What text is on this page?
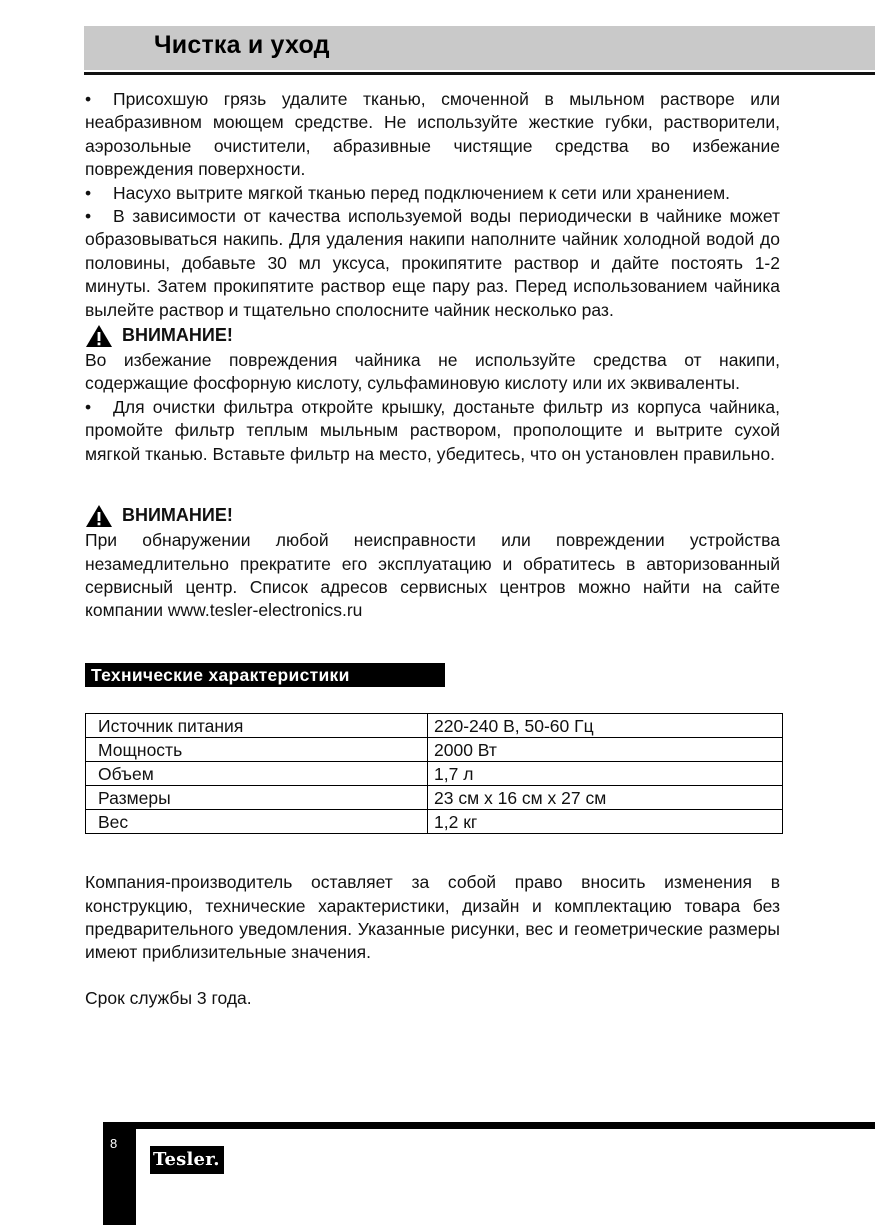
Чистка и уход

• Присохшую грязь удалите тканью, смоченной в мыльном растворе или неабразивном моющем средстве. Не используйте жесткие губки, растворители, аэрозольные очистители, абразивные чистящие средства во избежание повреждения поверхности.

• Насухо вытрите мягкой тканью перед подключением к сети или хранением.

• В зависимости от качества используемой воды периодически в чайнике может образовываться накипь. Для удаления накипи наполните чайник холодной водой до половины, добавьте 30 мл уксуса, прокипятите раствор и дайте постоять 1-2 минуты. Затем прокипятите раствор еще пару раз. Перед использованием чайника вылейте раствор и тщательно сполосните чайник несколько раз.

ВНИМАНИЕ!

Во избежание повреждения чайника не используйте средства от накипи, содержащие фосфорную кислоту, сульфаминовую кислоту или их эквиваленты.

• Для очистки фильтра откройте крышку, достаньте фильтр из корпуса чайника, промойте фильтр теплым мыльным раствором, прополощите и вытрите сухой мягкой тканью. Вставьте фильтр на место, убедитесь, что он установлен правильно.

ВНИМАНИЕ!

При обнаружении любой неисправности или повреждении устройства незамедлительно прекратите его эксплуатацию и обратитесь в авторизованный сервисный центр. Список адресов сервисных центров можно найти на сайте компании www.tesler-electronics.ru

Технические характеристики
Источник питания	220-240 В, 50-60 Гц
Мощность	2000 Вт
Объем	1,7 л
Размеры	23 см х 16 см х 27 см
Вес	1,2 кг

Компания-производитель оставляет за собой право вносить изменения в конструкцию, технические характеристики, дизайн и комплектацию товара без предварительного уведомления. Указанные рисунки, вес и геометрические размеры имеют приблизительные значения.

Срок службы 3 года.

8
Tesler.
